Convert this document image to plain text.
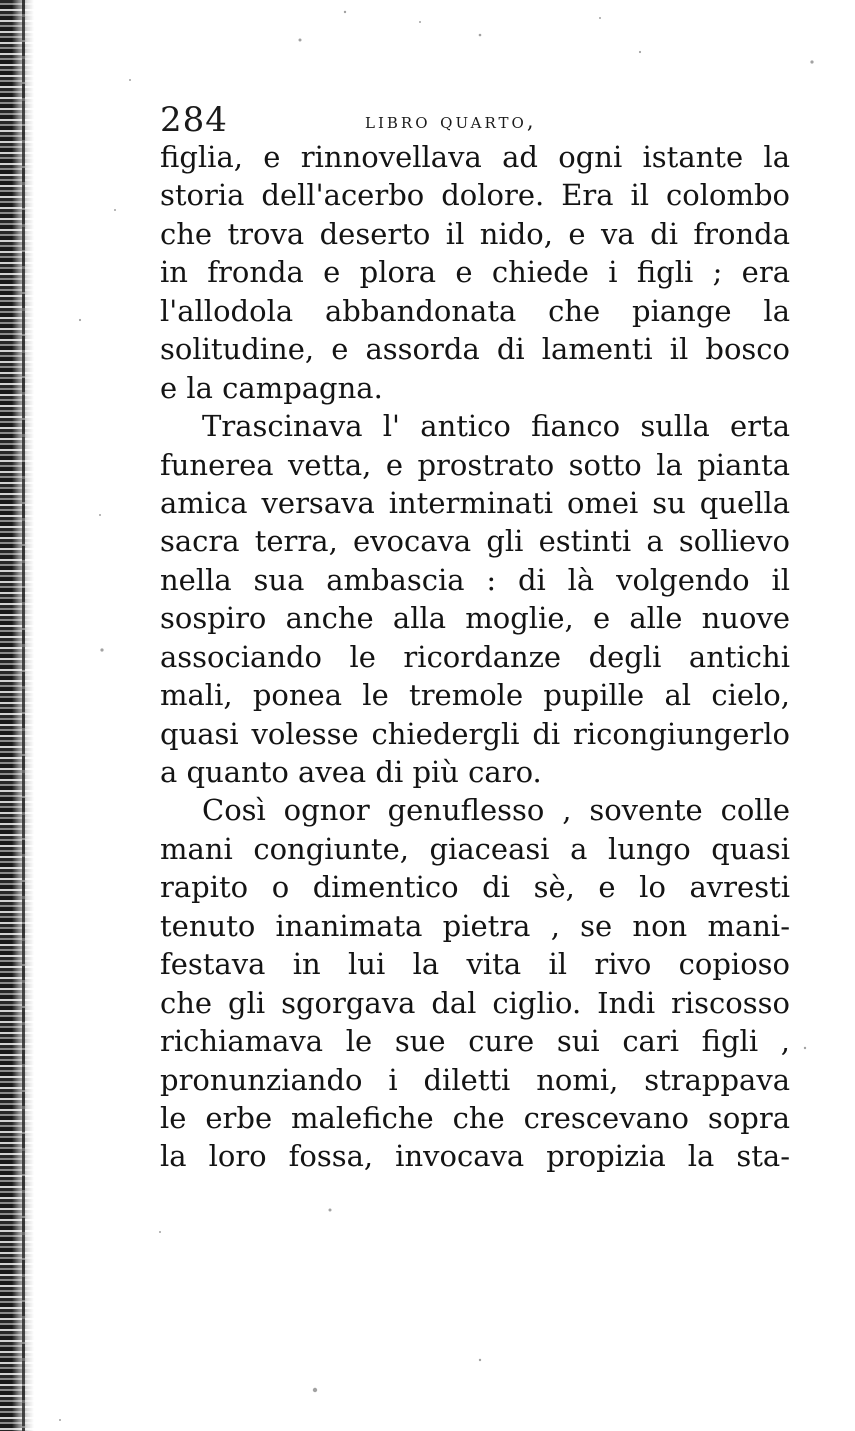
284	libro quarto,
figlia, e rinnovellava ad ogni istante la
storia dell'acerbo dolore. Era il colombo
che trova deserto il nido, e va di fronda
in fronda e plora e chiede i figli ; era
l'allodola abbandonata che piange la
solitudine, e assorda di lamenti il bosco
e la campagna.
Trascinava l' antico fianco sulla erta
funerea vetta, e prostrato sotto la pianta
amica versava interminati omei su quella
sacra terra, evocava gli estinti a sollievo
nella sua ambascia : di là volgendo il
sospiro anche alla moglie, e alle nuove
associando le ricordanze degli antichi
mali, ponea le tremole pupille al cielo,
quasi volesse chiedergli di ricongiungerlo
a quanto avea di più caro.
Così ognor genuflesso , sovente colle
mani congiunte, giaceasi a lungo quasi
rapito o dimentico di sè, e lo avresti
tenuto inanimata pietra , se non mani-
festava in lui la vita il rivo copioso
che gli sgorgava dal ciglio. Indi riscosso
richiamava le sue cure sui cari figli ,
pronunziando i diletti nomi, strappava
le erbe malefiche che crescevano sopra
la loro fossa, invocava propizia la sta-
